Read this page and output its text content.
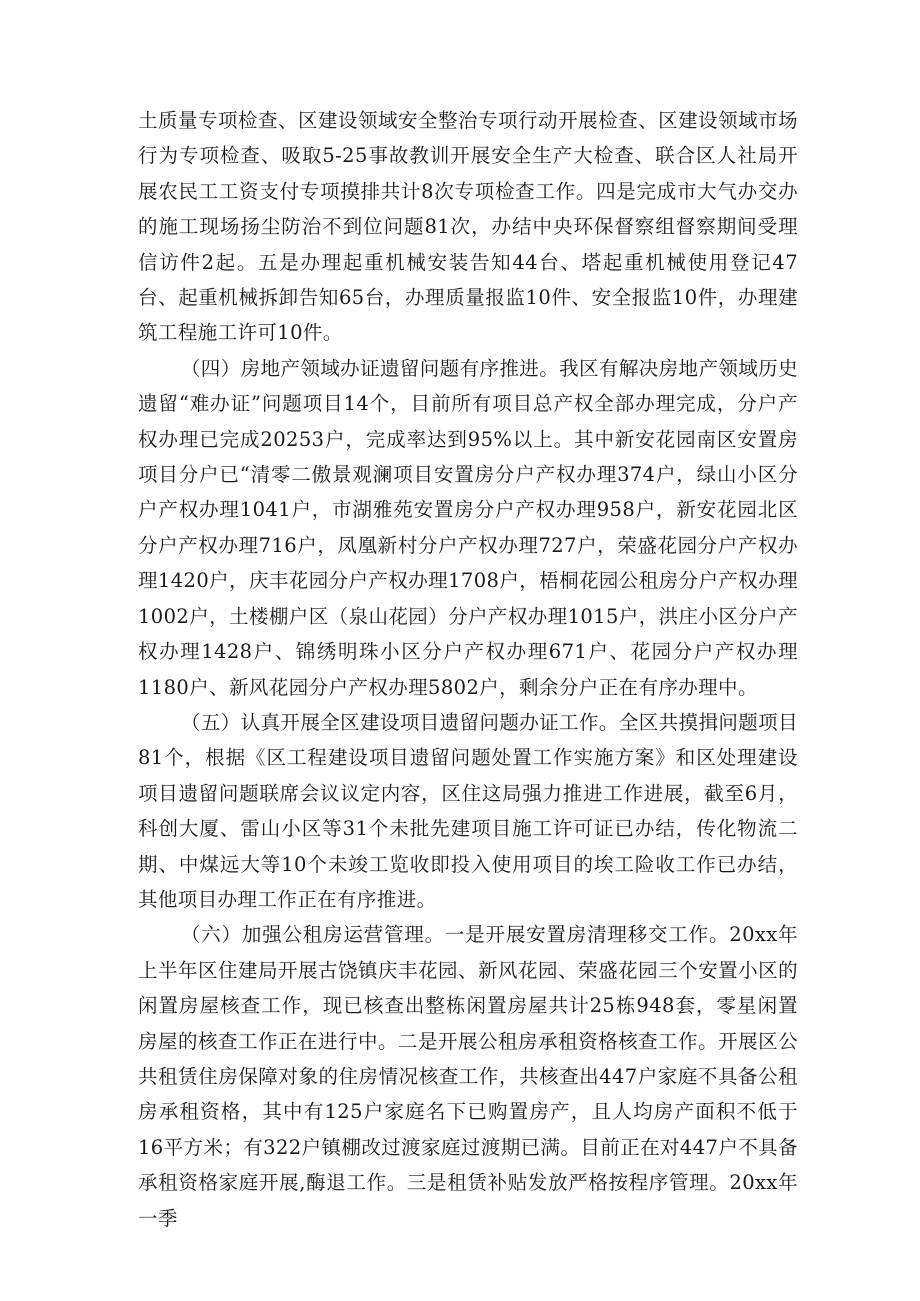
土质量专项检查、区建设领域安全整治专项行动开展检查、区建设领域市场行为专项检查、吸取5-25事故教训开展安全生产大检查、联合区人社局开展农民工工资支付专项摸排共计8次专项检查工作。四是完成市大气办交办的施工现场扬尘防治不到位问题81次，办结中央环保督察组督察期间受理信访件2起。五是办理起重机械安装告知44台、塔起重机械使用登记47台、起重机械拆卸告知65台，办理质量报监10件、安全报监10件，办理建筑工程施工许可10件。

（四）房地产领域办证遗留问题有序推进。我区有解决房地产领域历史遗留“难办证”问题项目14个，目前所有项目总产权全部办理完成，分户产权办理已完成20253户，完成率达到95%以上。其中新安花园南区安置房项目分户已“清零二傲景观澜项目安置房分户产权办理374户，绿山小区分户产权办理1041户，市湖雅苑安置房分户产权办理958户，新安花园北区分户产权办理716户，凤凰新村分户产权办理727户，荣盛花园分户产权办理1420户，庆丰花园分户产权办理1708户，梧桐花园公租房分户产权办理1002户，土楼棚户区（泉山花园）分户产权办理1015户，洪庄小区分户产权办理1428户、锦绣明珠小区分户产权办理671户、花园分户产权办理1180户、新风花园分户产权办理5802户，剩余分户正在有序办理中。

（五）认真开展全区建设项目遗留问题办证工作。全区共摸揖问题项目81个，根据《区工程建设项目遗留问题处置工作实施方案》和区处理建设项目遗留问题联席会议议定内容，区住这局强力推进工作进展，截至6月，科创大厦、雷山小区等31个未批先建项目施工许可证已办结，传化物流二期、中煤远大等10个未竣工览收即投入使用项目的埃工险收工作已办结，其他项目办理工作正在有序推进。

（六）加强公租房运营管理。一是开展安置房清理移交工作。20xx年上半年区住建局开展古饶镇庆丰花园、新风花园、荣盛花园三个安置小区的闲置房屋核查工作，现已核查出整栋闲置房屋共计25栋948套，零星闲置房屋的核查工作正在进行中。二是开展公租房承租资格核查工作。开展区公共租赁住房保障对象的住房情况核查工作，共核查出447户家庭不具备公租房承租资格，其中有125户家庭名下已购置房产，且人均房产面积不低于16平方米；有322户镇棚改过渡家庭过渡期已满。目前正在对447户不具备承租资格家庭开展,酶退工作。三是租赁补贴发放严格按程序管理。20xx年一季
